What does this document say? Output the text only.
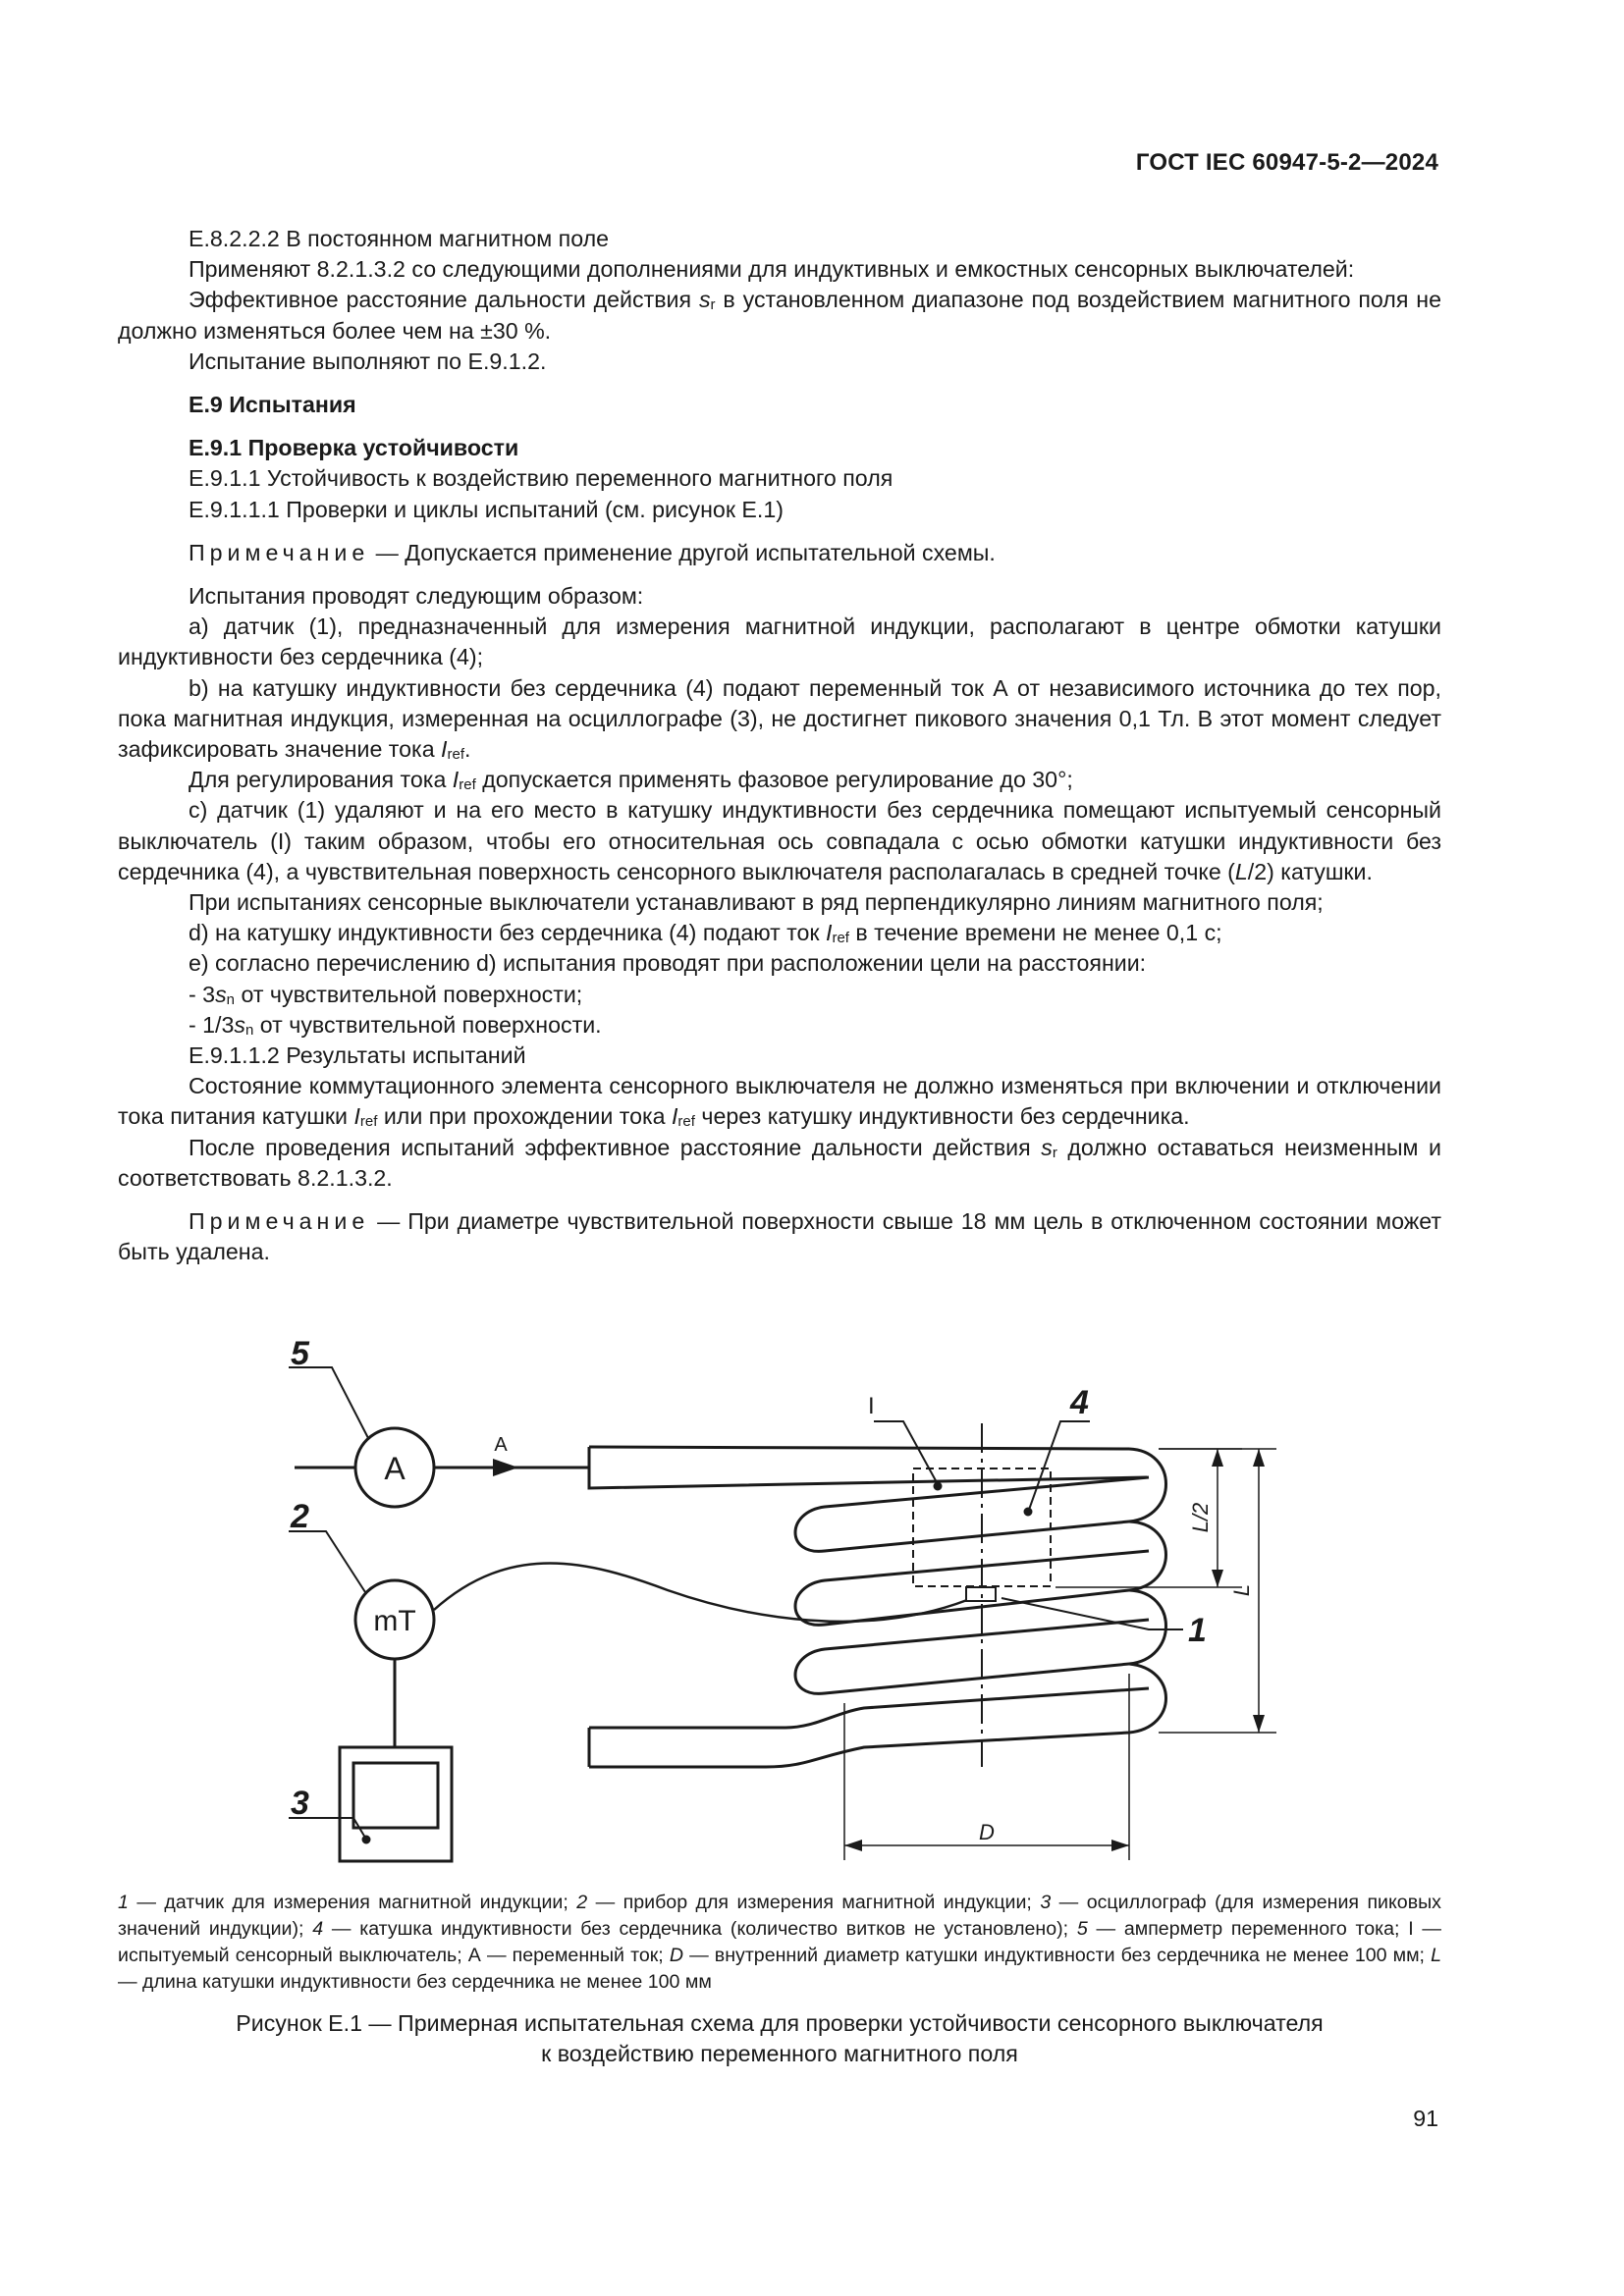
ГОСТ IEC 60947-5-2—2024

Е.8.2.2.2 В постоянном магнитном поле

Применяют 8.2.1.3.2 со следующими дополнениями для индуктивных и емкостных сенсорных выключателей:

Эффективное расстояние дальности действия $s_r$ в установленном диапазоне под воздействием магнитного поля не должно изменяться более чем на ±30 %.

Испытание выполняют по Е.9.1.2.

Е.9 Испытания

Е.9.1 Проверка устойчивости

Е.9.1.1 Устойчивость к воздействию переменного магнитного поля

Е.9.1.1.1 Проверки и циклы испытаний (см. рисунок Е.1)

Примечание — Допускается применение другой испытательной схемы.

Испытания проводят следующим образом:

а) датчик (1), предназначенный для измерения магнитной индукции, располагают в центре обмотки катушки индуктивности без сердечника (4);

b) на катушку индуктивности без сердечника (4) подают переменный ток А от независимого источника до тех пор, пока магнитная индукция, измеренная на осциллографе (3), не достигнет пикового значения 0,1 Тл. В этот момент следует зафиксировать значение тока $I_{ref}$.

Для регулирования тока $I_{ref}$ допускается применять фазовое регулирование до 30°;

с) датчик (1) удаляют и на его место в катушку индуктивности без сердечника помещают испытуемый сенсорный выключатель (I) таким образом, чтобы его относительная ось совпадала с осью обмотки катушки индуктивности без сердечника (4), а чувствительная поверхность сенсорного выключателя располагалась в средней точке (L/2) катушки.

При испытаниях сенсорные выключатели устанавливают в ряд перпендикулярно линиям магнитного поля;

d) на катушку индуктивности без сердечника (4) подают ток $I_{ref}$ в течение времени не менее 0,1 с;

е) согласно перечислению d) испытания проводят при расположении цели на расстоянии:

- $3s_n$ от чувствительной поверхности;

- $1/3s_n$ от чувствительной поверхности.

Е.9.1.1.2 Результаты испытаний

Состояние коммутационного элемента сенсорного выключателя не должно изменяться при включении и отключении тока питания катушки $I_{ref}$ или при прохождении тока $I_{ref}$ через катушку индуктивности без сердечника.

После проведения испытаний эффективное расстояние дальности действия $s_r$ должно оставаться неизменным и соответствовать 8.2.1.3.2.

Примечание — При диаметре чувствительной поверхности свыше 18 мм цель в отключенном состоянии может быть удалена.

5
2
3
4
1
I
A
mT
A
D
L/2
L
1 — датчик для измерения магнитной индукции; 2 — прибор для измерения магнитной индукции; 3 — осциллограф (для измерения пиковых значений индукции); 4 — катушка индуктивности без сердечника (количество витков не установлено); 5 — амперметр переменного тока; I — испытуемый сенсорный выключатель; А — переменный ток; D — внутренний диаметр катушки индуктивности без сердечника не менее 100 мм; L — длина катушки индуктивности без сердечника не менее 100 мм
Рисунок Е.1 — Примерная испытательная схема для проверки устойчивости сенсорного выключателя
к воздействию переменного магнитного поля
91
